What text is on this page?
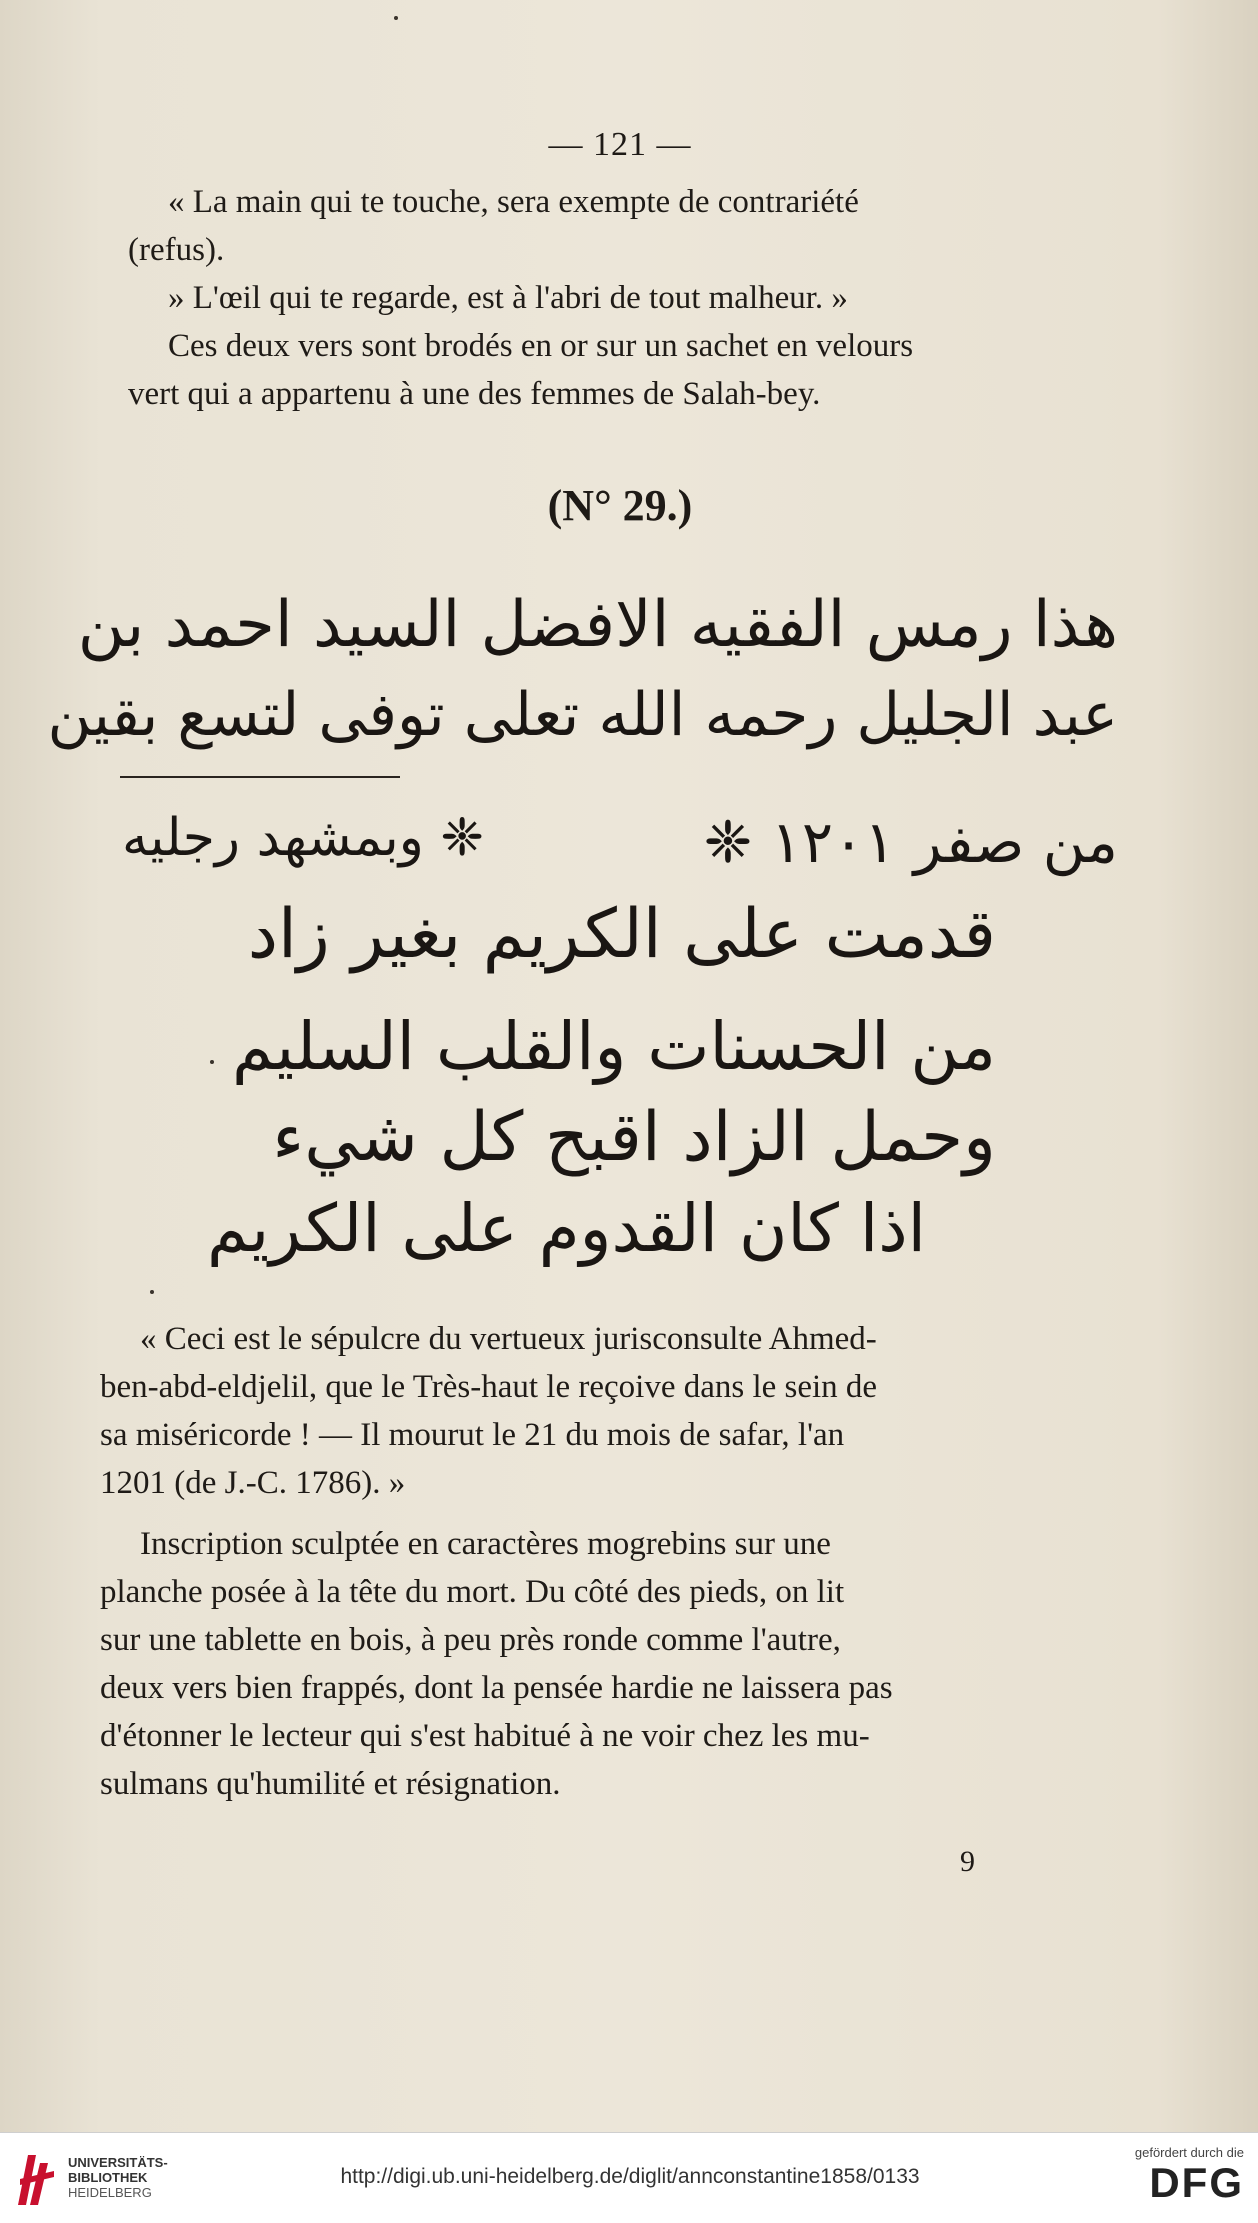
— 121 —
« La main qui te touche, sera exempte de contrariété
(refus).
» L'œil qui te regarde, est à l'abri de tout malheur. »
Ces deux vers sont brodés en or sur un sachet en velours
vert qui a appartenu à une des femmes de Salah-bey.
(N° 29.)
هذا رمس الفقيه الافضل السيد احمد بن
عبد الجليل رحمه الله تعلى توفى لتسع بقين
من صفر ۱۲۰۱ ❈
❈ وبمشهد رجليه
قدمت على الكريم بغير زاد
من الحسنات والقلب السليم
وحمل الزاد اقبح كل شيء
اذا كان القدوم على الكريم
« Ceci est le sépulcre du vertueux jurisconsulte Ahmed-
ben-abd-eldjelil, que le Très-haut le reçoive dans le sein de
sa miséricorde ! — Il mourut le 21 du mois de safar, l'an
1201 (de J.-C. 1786). »
Inscription sculptée en caractères mogrebins sur une
planche posée à la tête du mort. Du côté des pieds, on lit
sur une tablette en bois, à peu près ronde comme l'autre,
deux vers bien frappés, dont la pensée hardie ne laissera pas
d'étonner le lecteur qui s'est habitué à ne voir chez les mu-
sulmans qu'humilité et résignation.
9
UNIVERSITÄTS-
BIBLIOTHEK
HEIDELBERG
http://digi.ub.uni-heidelberg.de/diglit/annconstantine1858/0133
gefördert durch die
DFG
